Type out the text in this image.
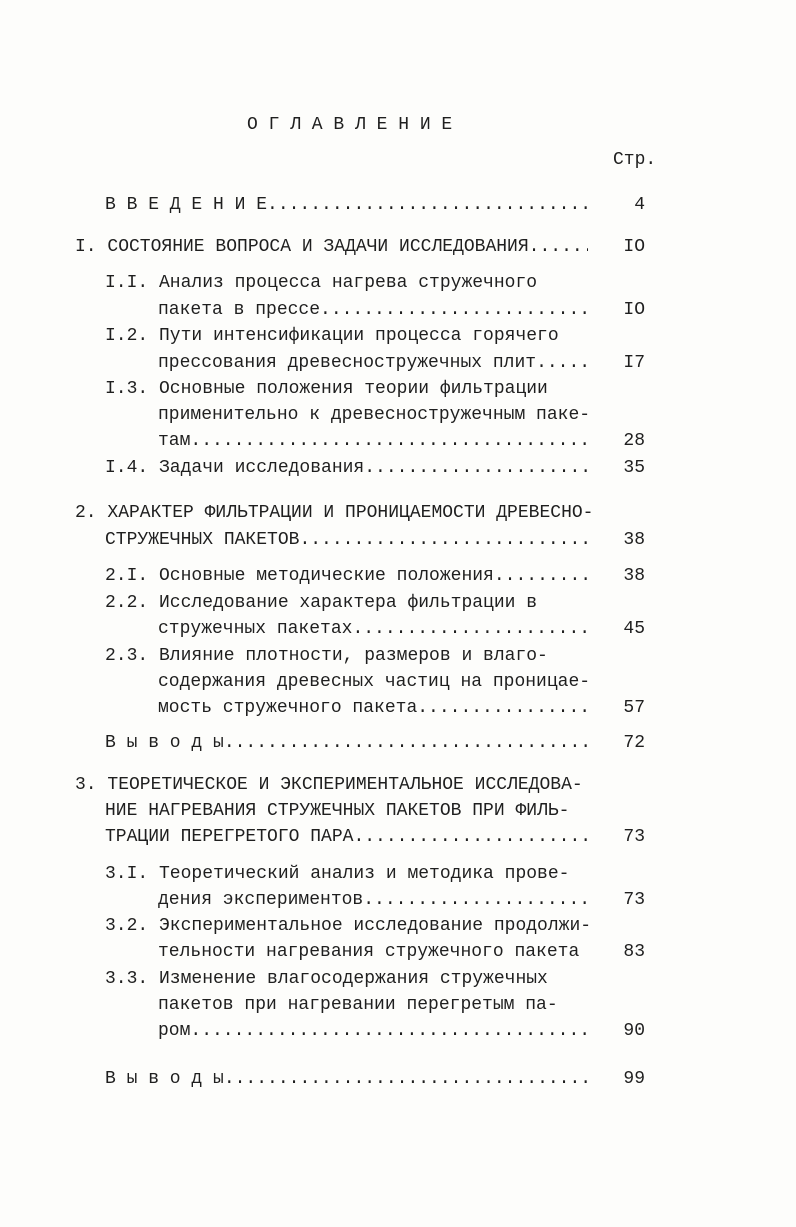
О Г Л А В Л Е Н И Е
Стр.
В В Е Д Е Н И Е .....	4
I. СОСТОЯНИЕ ВОПРОСА И ЗАДАЧИ ИССЛЕДОВАНИЯ .....	IO
I.I. Анализ процесса нагрева стружечного
пакета в прессе .....	IO
I.2. Пути интенсификации процесса горячего
прессования древесностружечных плит .....	I7
I.3. Основные положения теории фильтрации
применительно к древесностружечным паке-
там .....	28
I.4. Задачи исследования .....	35
2. ХАРАКТЕР ФИЛЬТРАЦИИ И ПРОНИЦАЕМОСТИ ДРЕВЕСНО-
СТРУЖЕЧНЫХ ПАКЕТОВ .....	38
2.I. Основные методические положения .....	38
2.2. Исследование характера фильтрации в
стружечных пакетах .....	45
2.3. Влияние плотности, размеров и влаго-
содержания древесных частиц на проницае-
мость стружечного пакета .....	57
В ы в о д ы .....	72
3. ТЕОРЕТИЧЕСКОЕ И ЭКСПЕРИМЕНТАЛЬНОЕ ИССЛЕДОВА-
НИЕ НАГРЕВАНИЯ СТРУЖЕЧНЫХ ПАКЕТОВ ПРИ ФИЛЬ-
ТРАЦИИ ПЕРЕГРЕТОГО ПАРА .....	73
3.I. Теоретический анализ и методика прове-
дения экспериментов .....	73
3.2. Экспериментальное исследование продолжи-
тельности нагревания стружечного пакета	83
3.3. Изменение влагосодержания стружечных
пакетов при нагревании перегретым па-
ром .....	90
В ы в о д ы .....	99
